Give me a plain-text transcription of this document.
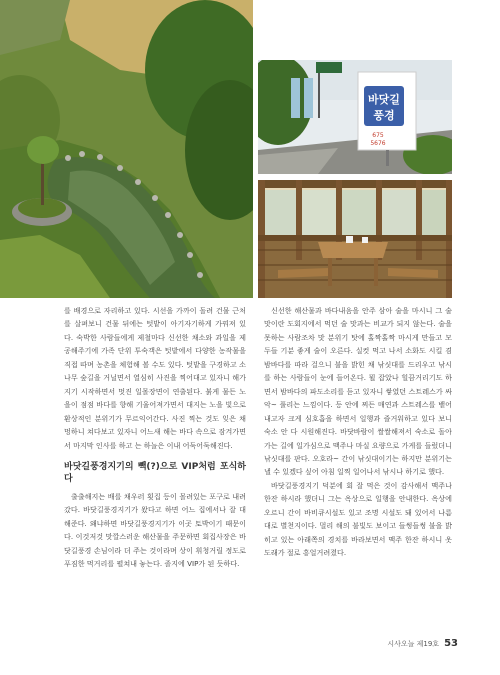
바닷길
풍경
675
5676

를 배경으로 자리하고 있다. 시선을 가까이 돌려 건물 근처를 살펴보니 건물 뒤에는 텃밭이 아기자기하게 가꿔져 있다. 숙박한 사람들에게 제철마다 신선한 채소와 과일을 제공해주기에 가족 단위 투숙객은 텃밭에서 다양한 농작물을 직접 따며 농촌을 체험해 볼 수도 있다. 텃밭을 구경하고 소나무 숲길을 거닐면서 열심히 사진을 찍어대고 있자니 해가 지기 시작하면서 멋진 일몰장면이 연출된다. 붉게 물든 노을이 점점 바다를 향해 기울어져가면서 대지는 노을 빛으로 환상적인 분위기가 무르익어간다. 사진 찍는 것도 잊은 채 멍하니 쳐다보고 있자니 어느새 해는 바다 속으로 잠겨가면서 마지막 인사를 하고 는 하늘은 이내 어둑어둑해진다.

바닷길풍경지기의 빽(?)으로 VIP처럼 포식하다

출출해지는 배를 채우러 횟집 등이 몰려있는 포구로 내려갔다. 바닷길풍경지기가 왔다고 하면 어느 집에서나 잘 대해준다. 왜냐하면 바닷길풍경지기가 이곳 토박이기 때문이다. 이것저것 맛깔스러운 해산물을 주문하면 회집사장은 바닷길풍경 손님이라 더 주는 것이라며 상이 휘청거릴 정도로 푸짐한 먹거리를 펼쳐내 놓는다. 졸지에 VIP가 된 듯하다.

신선한 해산물과 바다내음을 안주 삼아 술을 마시니 그 술 맛이란 도회지에서 먹던 술 맛과는 비교가 되지 않는다. 술을 못하는 사람조차 맛 분위기 탓에 홀짝홀짝 마시게 만들고 모두들 기분 좋게 술이 오른다. 실컷 먹고 나서 소화도 시킬 겸 밤바다를 따라 걸으니 불을 밝힌 채 낚싯대를 드리우고 낚시를 하는 사람들이 눈에 들어온다. 뭘 잡았나 힐끔거리기도 하면서 밤바다의 파도소리를 듣고 있자니 쌓였던 스트레스가 싸악~ 풀리는 느낌이다. 등 안에 찌든 매연과 스트레스를 뱉어내고자 크게 심호흡을 하면서 일행과 즐거워하고 있다 보니 숙소 안 다 시원해진다. 바닷바람이 쌀쌀해져서 숙소로 돌아가는 길에 일가심으로 맥주나 마실 요량으로 가게를 들렀더니 낚싯대를 판다. 오호라~ 간이 낚싯대이기는 하지만 분위기는 낼 수 있겠다 싶어 아침 일찍 일어나서 낚시나 하기로 했다.

바닷길풍경지기 덕분에 회 잘 먹은 것이 감사해서 맥주나 한잔 하시라 했더니 그는 옥상으로 일행을 안내한다. 옥상에 오르니 간이 바비큐시설도 있고 조명 시설도 돼 있어서 나름대로 별천지이다. 멀리 해의 불빛도 보이고 들썽들썽 불을 밝히고 있는 아래쪽의 경치를 바라보면서 맥주 한잔 하시니 옷도래가 절로 흥얼거려졌다.

시사오늘 제19호 53
